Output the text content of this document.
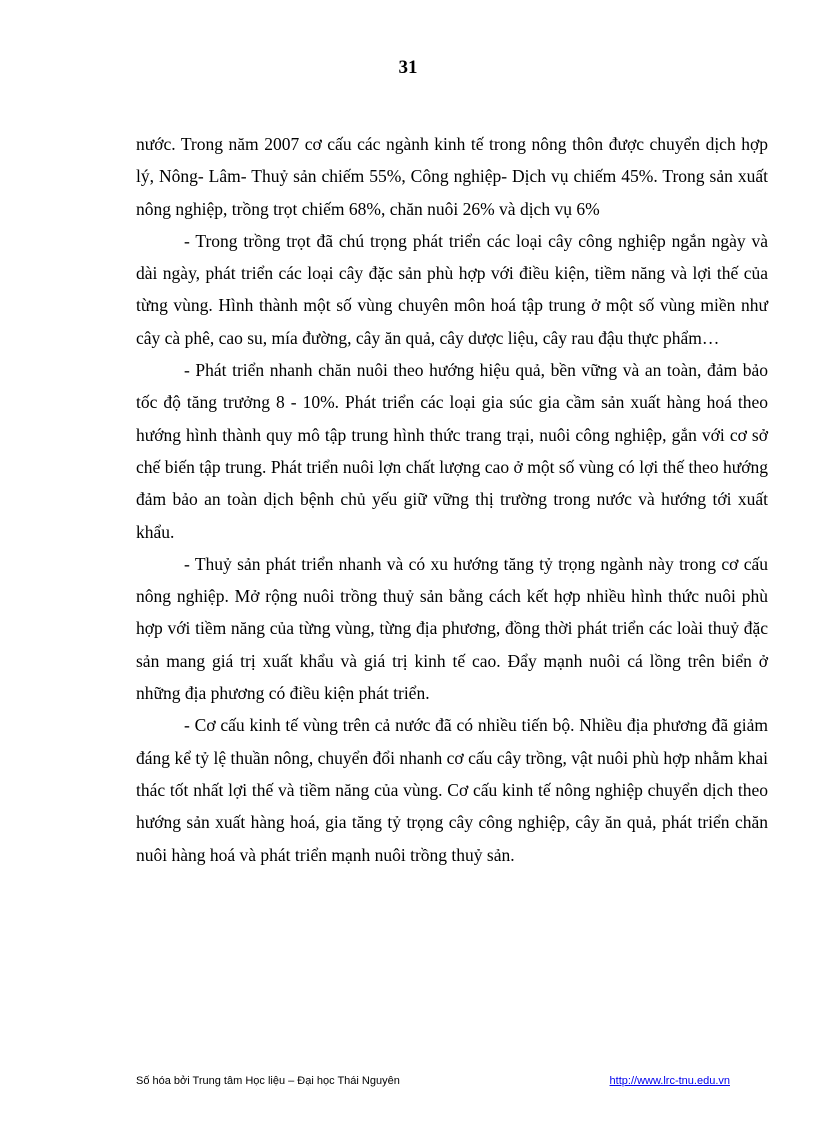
31

nước. Trong năm 2007 cơ cấu các ngành kinh tế trong nông thôn được chuyển dịch hợp lý, Nông- Lâm- Thuỷ sản chiếm 55%, Công nghiệp- Dịch vụ chiếm 45%. Trong sản xuất nông nghiệp, trồng trọt chiếm 68%, chăn nuôi 26% và dịch vụ 6%

- Trong trồng trọt đã chú trọng phát triển các loại cây công nghiệp ngắn ngày và dài ngày, phát triển các loại cây đặc sản phù hợp với điều kiện, tiềm năng và lợi thế của từng vùng. Hình thành một số vùng chuyên môn hoá tập trung ở một số vùng miền như cây cà phê, cao su, mía đường, cây ăn quả, cây dược liệu, cây rau đậu thực phẩm…

- Phát triển nhanh chăn nuôi theo hướng hiệu quả, bền vững và an toàn, đảm bảo tốc độ tăng trưởng 8 - 10%. Phát triển các loại gia súc gia cầm sản xuất hàng hoá theo hướng hình thành quy mô tập trung hình thức trang trại, nuôi công nghiệp, gắn với cơ sở chế biến tập trung. Phát triển nuôi lợn chất lượng cao ở một số vùng có lợi thế theo hướng đảm bảo an toàn dịch bệnh chủ yếu giữ vững thị trường trong nước và hướng tới xuất khẩu.

- Thuỷ sản phát triển nhanh và có xu hướng tăng tỷ trọng ngành này trong cơ cấu nông nghiệp. Mở rộng nuôi trồng thuỷ sản bằng cách kết hợp nhiều hình thức nuôi phù hợp với tiềm năng của từng vùng, từng địa phương, đồng thời phát triển các loài thuỷ đặc sản mang giá trị xuất khẩu và giá trị kinh tế cao. Đẩy mạnh nuôi cá lồng trên biển ở những địa phương có điều kiện phát triển.

- Cơ cấu kinh tế vùng trên cả nước đã có nhiều tiến bộ. Nhiều địa phương đã giảm đáng kể tỷ lệ thuần nông, chuyển đổi nhanh cơ cấu cây trồng, vật nuôi phù hợp nhằm khai thác tốt nhất lợi thế và tiềm năng của vùng. Cơ cấu kinh tế nông nghiệp chuyển dịch theo hướng sản xuất hàng hoá, gia tăng tỷ trọng cây công nghiệp, cây ăn quả, phát triển chăn nuôi hàng hoá và phát triển mạnh nuôi trồng thuỷ sản.

Số hóa bởi Trung tâm Học liệu – Đại học Thái Nguyên	http://www.lrc-tnu.edu.vn
